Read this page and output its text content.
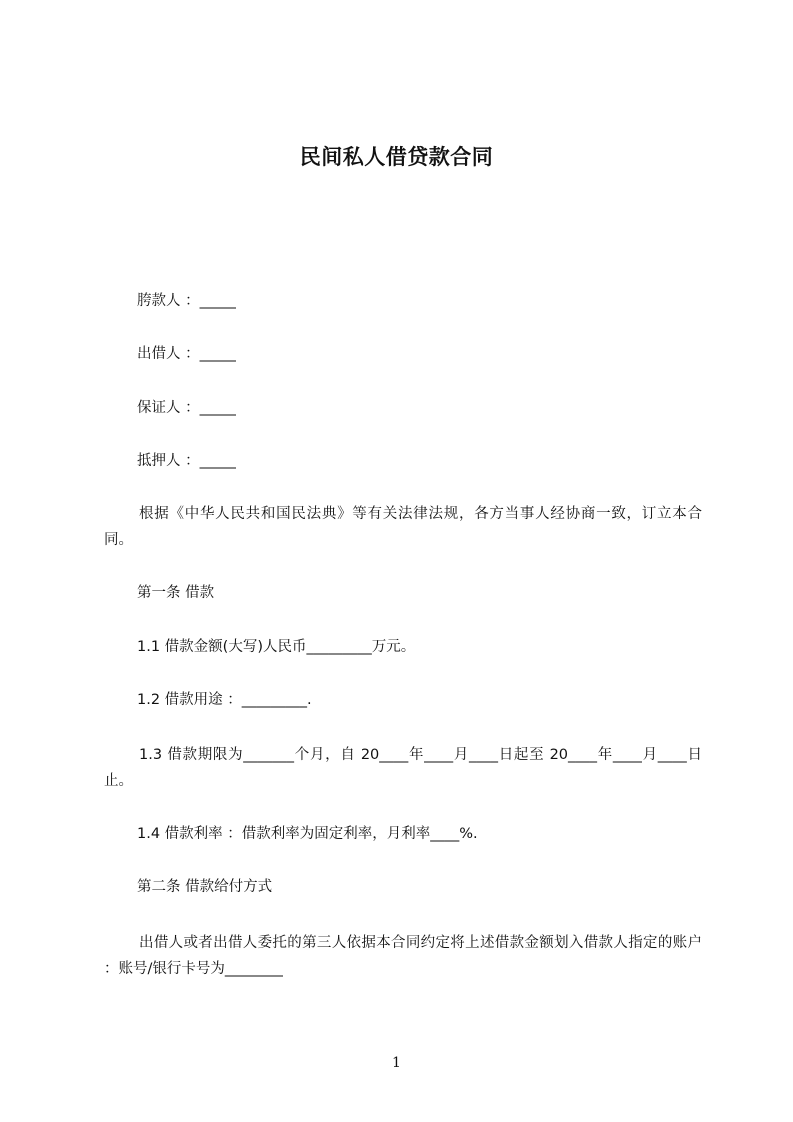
民间私人借贷款合同

胯款人 ：_____

出借人 ：_____

保证人 ：_____

抵押人 ：_____

根据《中华人民共和国民法典》等有关法律法规，各方当事人经协商一致，订立本合同。

第一条 借款

1.1 借款金额(大写)人民币_________万元。

1.2 借款用途 ：_________.

1.3 借款期限为_______个月，自 20____年____月____日起至 20____年____月____日止。

1.4 借款利率 ：借款利率为固定利率，月利率____%.

第二条 借款给付方式

出借人或者出借人委托的第三人依据本合同约定将上述借款金额划入借款人指定的账户 ：账号/银行卡号为________

1
